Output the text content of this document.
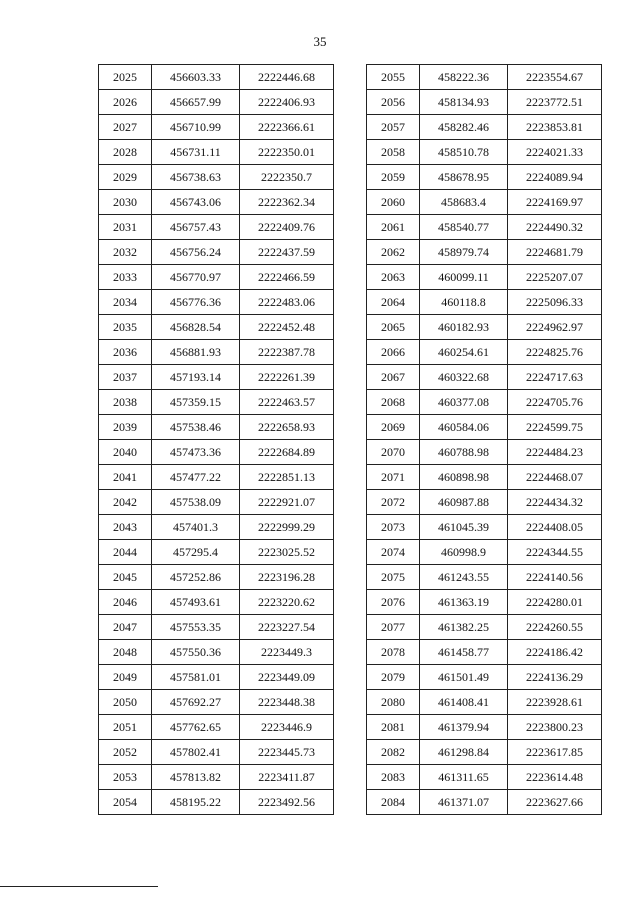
35
2025	456603.33	2222446.68
2026	456657.99	2222406.93
2027	456710.99	2222366.61
2028	456731.11	2222350.01
2029	456738.63	2222350.7
2030	456743.06	2222362.34
2031	456757.43	2222409.76
2032	456756.24	2222437.59
2033	456770.97	2222466.59
2034	456776.36	2222483.06
2035	456828.54	2222452.48
2036	456881.93	2222387.78
2037	457193.14	2222261.39
2038	457359.15	2222463.57
2039	457538.46	2222658.93
2040	457473.36	2222684.89
2041	457477.22	2222851.13
2042	457538.09	2222921.07
2043	457401.3	2222999.29
2044	457295.4	2223025.52
2045	457252.86	2223196.28
2046	457493.61	2223220.62
2047	457553.35	2223227.54
2048	457550.36	2223449.3
2049	457581.01	2223449.09
2050	457692.27	2223448.38
2051	457762.65	2223446.9
2052	457802.41	2223445.73
2053	457813.82	2223411.87
2054	458195.22	2223492.56
2055	458222.36	2223554.67
2056	458134.93	2223772.51
2057	458282.46	2223853.81
2058	458510.78	2224021.33
2059	458678.95	2224089.94
2060	458683.4	2224169.97
2061	458540.77	2224490.32
2062	458979.74	2224681.79
2063	460099.11	2225207.07
2064	460118.8	2225096.33
2065	460182.93	2224962.97
2066	460254.61	2224825.76
2067	460322.68	2224717.63
2068	460377.08	2224705.76
2069	460584.06	2224599.75
2070	460788.98	2224484.23
2071	460898.98	2224468.07
2072	460987.88	2224434.32
2073	461045.39	2224408.05
2074	460998.9	2224344.55
2075	461243.55	2224140.56
2076	461363.19	2224280.01
2077	461382.25	2224260.55
2078	461458.77	2224186.42
2079	461501.49	2224136.29
2080	461408.41	2223928.61
2081	461379.94	2223800.23
2082	461298.84	2223617.85
2083	461311.65	2223614.48
2084	461371.07	2223627.66
